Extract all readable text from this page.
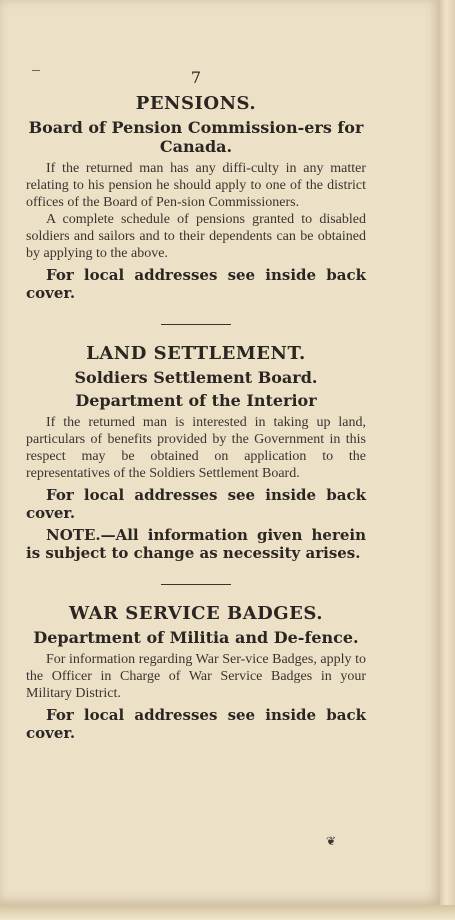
7
PENSIONS.
Board of Pension Commission-ers for Canada.

If the returned man has any diffi-culty in any matter relating to his pension he should apply to one of the district offices of the Board of Pen-sion Commissioners.

A complete schedule of pensions granted to disabled soldiers and sailors and to their dependents can be obtained by applying to the above.

For local addresses see inside back cover.

LAND SETTLEMENT.
Soldiers Settlement Board.
Department of the Interior

If the returned man is interested in taking up land, particulars of benefits provided by the Government in this respect may be obtained on application to the representatives of the Soldiers Settlement Board.

For local addresses see inside back cover.

NOTE.—All information given herein is subject to change as necessity arises.

WAR SERVICE BADGES.
Department of Militia and De-fence.

For information regarding War Ser-vice Badges, apply to the Officer in Charge of War Service Badges in your Military District.

For local addresses see inside back cover.

❦
